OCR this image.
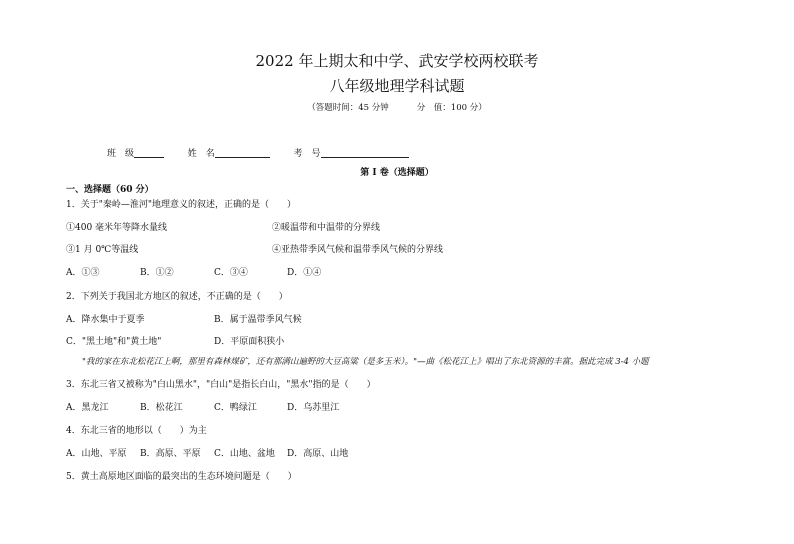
2022 年上期太和中学、武安学校两校联考
八年级地理学科试题
（答题时间：45 分钟	分　值：100 分）
班　级	姓　名	考　号
第 I 卷（选择题）
一、选择题（60 分）
1．关于"秦岭—淮河"地理意义的叙述，正确的是（　　）
①400 毫米年等降水量线	②暖温带和中温带的分界线
③1 月 0℃等温线	④亚热带季风气候和温带季风气候的分界线
A．①③	B．①②	C．③④	D．①④
2．下列关于我国北方地区的叙述，不正确的是（　　）
A．降水集中于夏季	B．属于温带季风气候
C．"黑土地"和"黄土地"	D．平原面积狭小
"我的家在东北松花江上啊，那里有森林煤矿，还有那满山遍野的大豆高粱（是多玉米）。"—曲《松花江上》唱出了东北资源的丰富。据此完成 3-4 小题
3．东北三省又被称为"白山黑水"，"白山"是指长白山，"黑水"指的是（　　）
A．黑龙江	B．松花江	C．鸭绿江	D．乌苏里江
4．东北三省的地形以（　　）为主
A．山地、平原 B．高原、平原 C．山地、盆地 D．高原、山地
5．黄土高原地区面临的最突出的生态环境问题是（　　）
